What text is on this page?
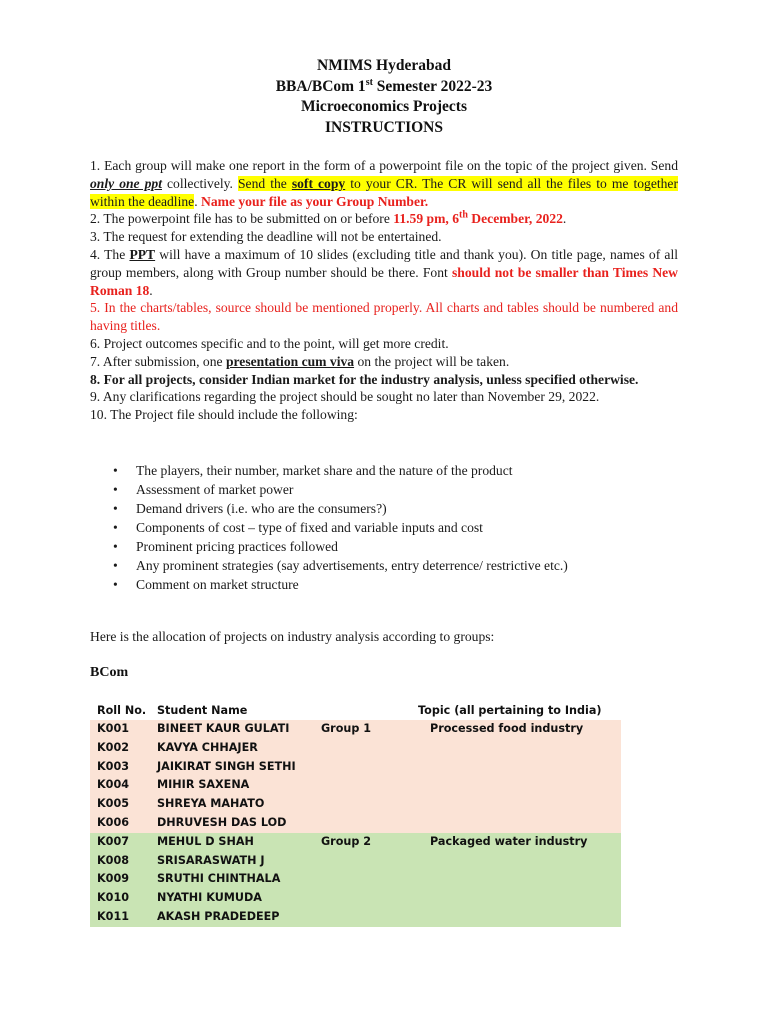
NMIMS Hyderabad
BBA/BCom 1st Semester 2022-23
Microeconomics Projects
INSTRUCTIONS

1. Each group will make one report in the form of a powerpoint file on the topic of the project given. Send only one ppt collectively. Send the soft copy to your CR. The CR will send all the files to me together within the deadline. Name your file as your Group Number.

2. The powerpoint file has to be submitted on or before 11.59 pm, 6th December, 2022.

3. The request for extending the deadline will not be entertained.

4. The PPT will have a maximum of 10 slides (excluding title and thank you). On title page, names of all group members, along with Group number should be there. Font should not be smaller than Times New Roman 18.

5. In the charts/tables, source should be mentioned properly. All charts and tables should be numbered and having titles.

6. Project outcomes specific and to the point, will get more credit.

7. After submission, one presentation cum viva on the project will be taken.

8. For all projects, consider Indian market for the industry analysis, unless specified otherwise.

9. Any clarifications regarding the project should be sought no later than November 29, 2022.

10. The Project file should include the following:

• The players, their number, market share and the nature of the product
• Assessment of market power
• Demand drivers (i.e. who are the consumers?)
• Components of cost – type of fixed and variable inputs and cost
• Prominent pricing practices followed
• Any prominent strategies (say advertisements, entry deterrence/ restrictive etc.)
• Comment on market structure
Here is the allocation of projects on industry analysis according to groups:
BCom
Roll No. Student Name	Topic (all pertaining to India)
K001 BINEET KAUR GULATI	Group 1	Processed food industry
K002 KAVYA CHHAJER
K003 JAIKIRAT SINGH SETHI
K004 MIHIR SAXENA
K005 SHREYA MAHATO
K006 DHRUVESH DAS LOD
K007 MEHUL D SHAH	Group 2	Packaged water industry
K008 SRISARASWATH J
K009 SRUTHI CHINTHALA
K010 NYATHI KUMUDA
K011 AKASH PRADEDEEP
